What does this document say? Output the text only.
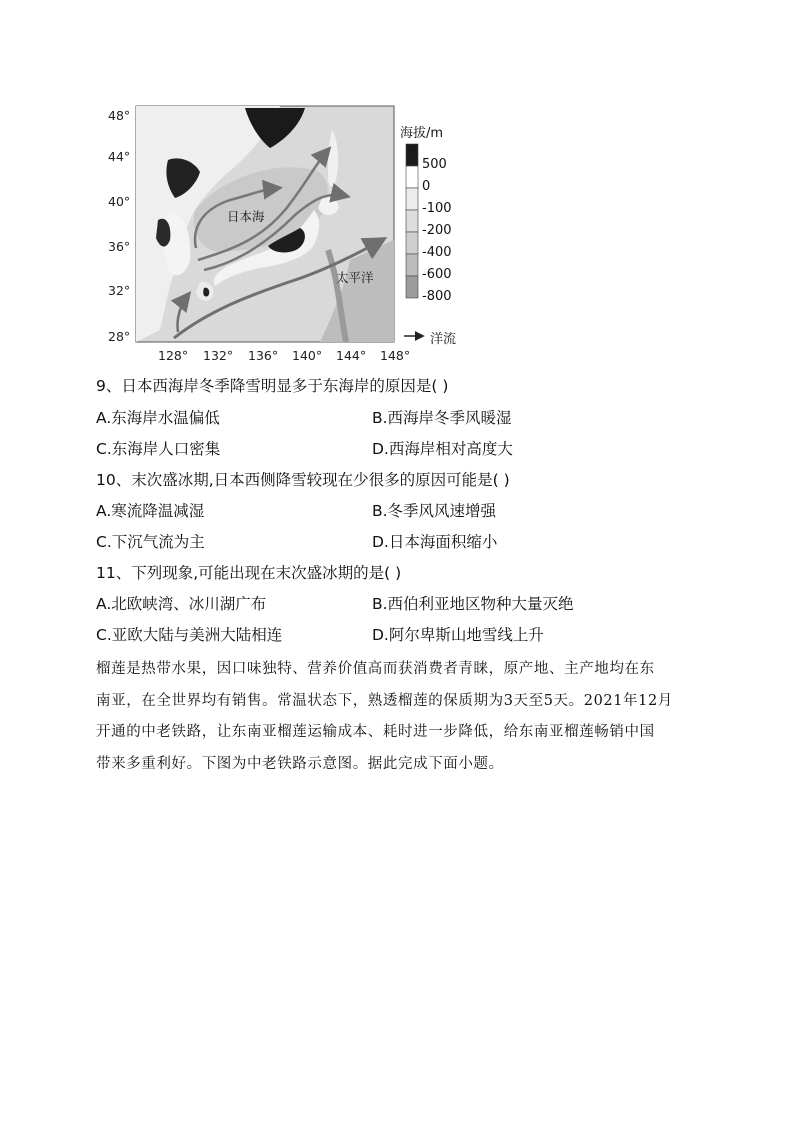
48°
44°
40°
36°
32°
28°
128° 132° 136° 140° 144° 148°
日本海
太平洋
海拔/m
500
0
-100
-200
-400
-600
-800
洋流
9、日本西海岸冬季降雪明显多于东海岸的原因是( )
A.东海岸水温偏低	B.西海岸冬季风暖湿
C.东海岸人口密集	D.西海岸相对高度大
10、末次盛冰期,日本西侧降雪较现在少很多的原因可能是( )
A.寒流降温减湿	B.冬季风风速增强
C.下沉气流为主	D.日本海面积缩小
11、下列现象,可能出现在末次盛冰期的是( )
A.北欧峡湾、冰川湖广布	B.西伯利亚地区物种大量灭绝
C.亚欧大陆与美洲大陆相连	D.阿尔卑斯山地雪线上升
榴莲是热带水果，因口味独特、营养价值高而获消费者青睐，原产地、主产地均在东
南亚，在全世界均有销售。常温状态下，熟透榴莲的保质期为3天至5天。2021年12月
开通的中老铁路，让东南亚榴莲运输成本、耗时进一步降低，给东南亚榴莲畅销中国
带来多重利好。下图为中老铁路示意图。据此完成下面小题。
